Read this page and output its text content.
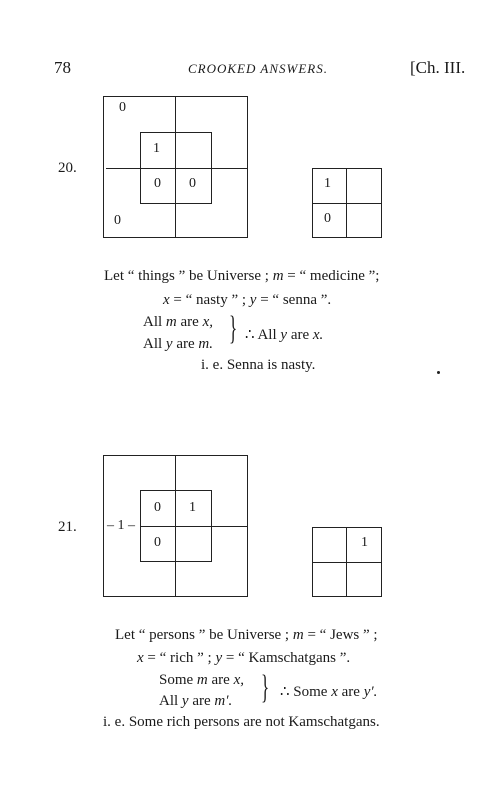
78	CROOKED ANSWERS.	[Ch. III.
20.
0
0
1
0 0	1
0
Let “ things ” be Universe ; m = “ medicine ”;
x = “ nasty ” ; y = “ senna ”.
All m are x,
All y are m. } ∴ All y are x.
i. e. Senna is nasty.
21. – 1 –
0 1
0	1
Let “ persons ” be Universe ; m = “ Jews ” ;
x = “ rich ” ; y = “ Kamschatgans ”.
Some m are x,
All y are m′. } ∴ Some x are y′.
i. e. Some rich persons are not Kamschatgans.
